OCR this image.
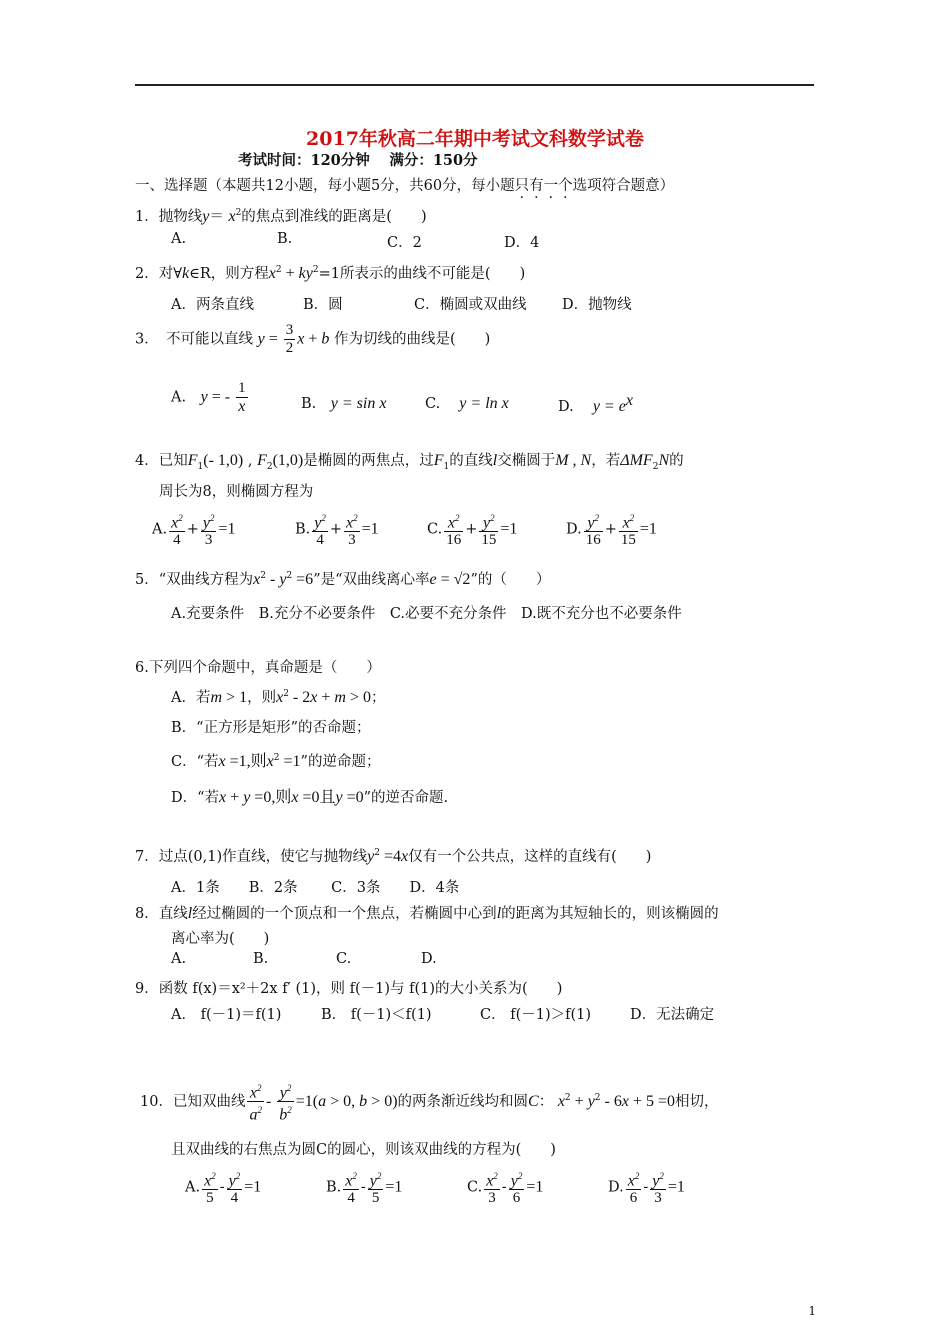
2017年秋高二年期中考试文科数学试卷
考试时间：120分钟　 满分：150分
一、选择题（本题共12小题，每小题5分，共60分，每小题只有一个选项符合题意）
1．抛物线$y= x^2$的焦点到准线的距离是(　　)
A.	B.	C．2	D．4
2．对∀k∈R，则方程$x^2 + ky^2=1$所表示的曲线不可能是(　　)
A．两条直线	B．圆	C．椭圆或双曲线 D．抛物线
3．　 不可能以直线 $y = \frac{3}{2}$ x + b 作为切线的曲线是(　　)
A.　 y = - $\frac{1}{x}$	B.　 y = sin x	C.　 y = ln x	D.　 $y = e^x$
4．已知$F_1(-$ 1,0) , $F_2(1,0)$是椭圆的两焦点，过$F_1$的直线l交椭圆于M , N，若$\Delta MF_2N$的
周长为8，则椭圆方程为
A. $\frac{x^2}{4} + \frac{y^2}{3} =1$	B. $\frac{y^2}{4} + \frac{x^2}{3} =1$	C. $\frac{x^2}{16} + \frac{y^2}{15} =1$	D. $\frac{y^2}{16} + \frac{x^2}{15} =1$
5．“双曲线方程为$x^2 - y^2 =6$”是“双曲线离心率e = √2”的（　　）
A.充要条件　B.充分不必要条件　C.必要不充分条件　D.既不充分也不必要条件
6.下列四个命题中，真命题是（　　）
A．若m > 1，则$x^2 - 2x + m > 0$；
B．“正方形是矩形”的否命题；
C．“若x =1,则$x^2 =1$”的逆命题；
D．“若x + y =0,则x =0且y =0”的逆否命题.
7．过点(0,1)作直线，使它与抛物线$y^2 =4x$仅有一个公共点，这样的直线有(　　)
A．1条　　B．2条　　 C．3条　　D．4条
8．直线l经过椭圆的一个顶点和一个焦点，若椭圆中心到l的距离为其短轴长的，则该椭圆的
离心率为(　　)
A.	B.	C.	D.
9．函数 f(x)＝x²＋2x f′ (1)，则 f(－1)与 f(1)的大小关系为(　　)
A． f(－1)＝f(1)	B． f(－1)＜f(1)	C． f(－1)＞f(1)	D．无法确定
10．已知双曲线 $\frac{x^2}{a^2} - \frac{y^2}{b^2} =1(a > 0$, b > 0)的两条渐近线均和圆C： $x^2 + y^2 - 6x + 5 =0$相切，
且双曲线的右焦点为圆C的圆心，则该双曲线的方程为(　　)
A. $\frac{x^2}{5} - \frac{y^2}{4} =1$	B. $\frac{x^2}{4} - \frac{y^2}{5} =1$	C. $\frac{x^2}{3} - \frac{y^2}{6} =1$	D. $\frac{x^2}{6} - \frac{y^2}{3} =1$
1
